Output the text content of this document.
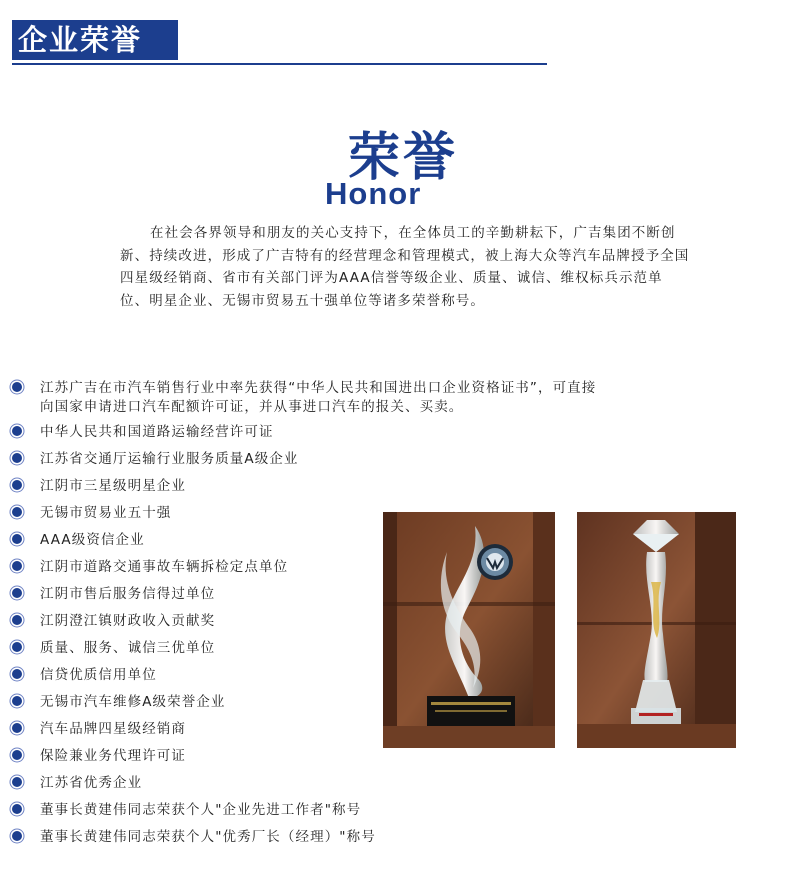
企业荣誉
荣誉
Honor

在社会各界领导和朋友的关心支持下，在全体员工的辛勤耕耘下，广吉集团不断创新、持续改进，形成了广吉特有的经营理念和管理模式，被上海大众等汽车品牌授予全国四星级经销商、省市有关部门评为AAA信誉等级企业、质量、诚信、维权标兵示范单位、明星企业、无锡市贸易五十强单位等诸多荣誉称号。

江苏广吉在市汽车销售行业中率先获得“中华人民共和国进出口企业资格证书”，可直接向国家申请进口汽车配额许可证，并从事进口汽车的报关、买卖。
中华人民共和国道路运输经营许可证
江苏省交通厅运输行业服务质量A级企业
江阴市三星级明星企业
无锡市贸易业五十强
AAA级资信企业
江阴市道路交通事故车辆拆检定点单位
江阴市售后服务信得过单位
江阴澄江镇财政收入贡献奖
质量、服务、诚信三优单位
信贷优质信用单位
无锡市汽车维修A级荣誉企业
汽车品牌四星级经销商
保险兼业务代理许可证
江苏省优秀企业
董事长黄建伟同志荣获个人"企业先进工作者"称号
董事长黄建伟同志荣获个人"优秀厂长（经理）"称号
